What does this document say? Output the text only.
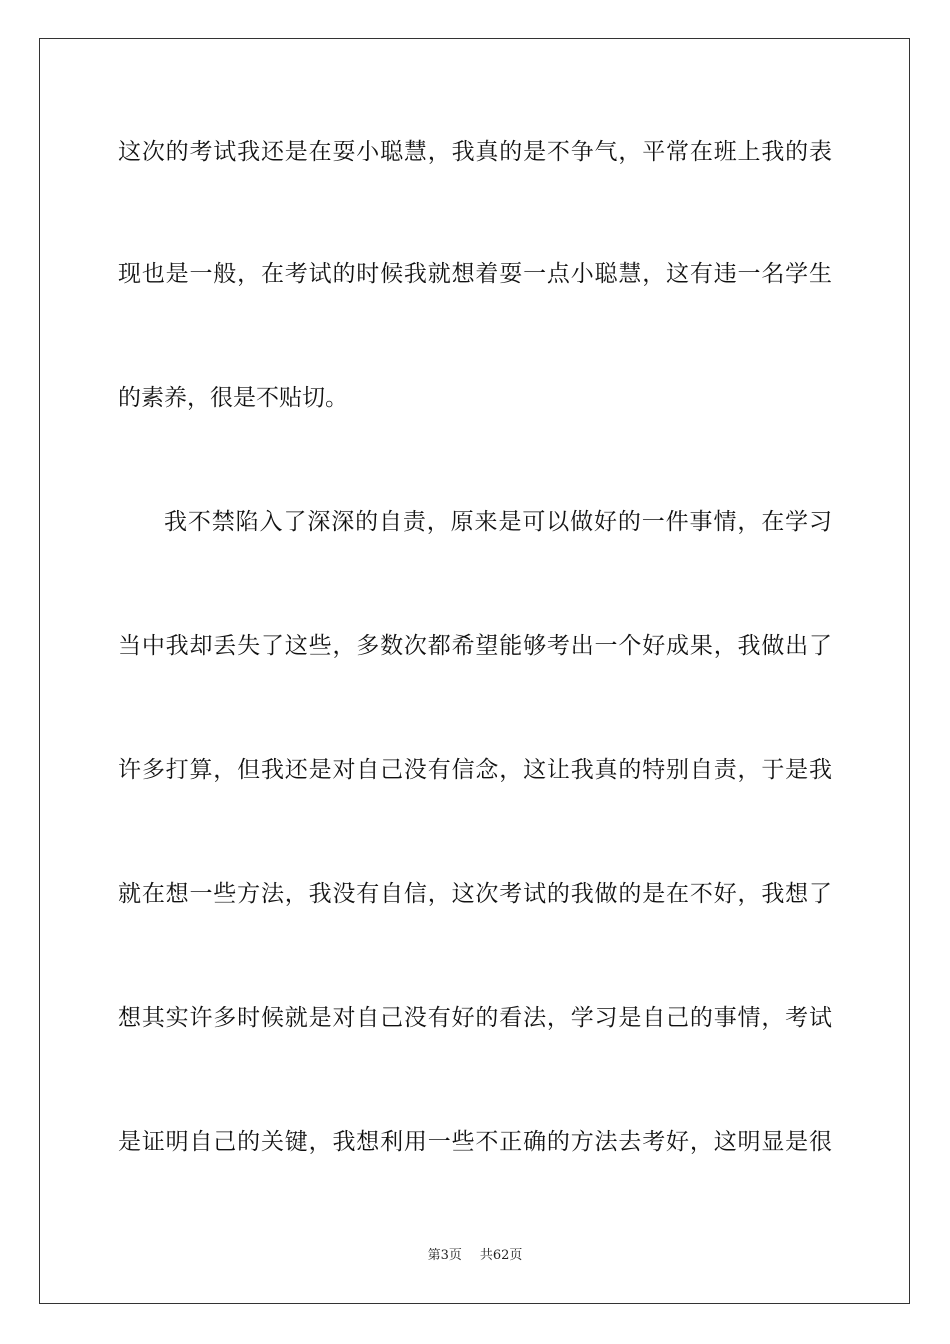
这次的考试我还是在耍小聪慧，我真的是不争气，平常在班上我的表
现也是一般，在考试的时候我就想着耍一点小聪慧，这有违一名学生
的素养，很是不贴切。
我不禁陷入了深深的自责，原来是可以做好的一件事情，在学习
当中我却丢失了这些，多数次都希望能够考出一个好成果，我做出了
许多打算，但我还是对自己没有信念，这让我真的特别自责，于是我
就在想一些方法，我没有自信，这次考试的我做的是在不好，我想了
想其实许多时候就是对自己没有好的看法，学习是自己的事情，考试
是证明自己的关键，我想利用一些不正确的方法去考好，这明显是很
第3页 共62页
